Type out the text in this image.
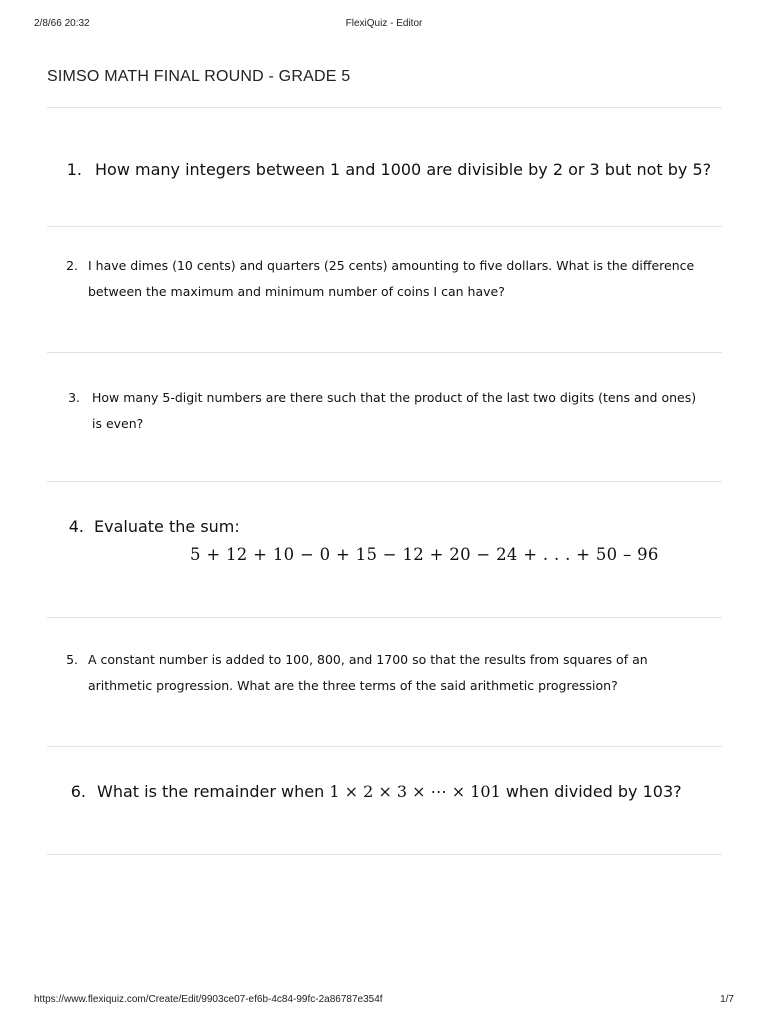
2/8/66 20:32	FlexiQuiz - Editor
SIMSO MATH FINAL ROUND - GRADE 5
1. How many integers between 1 and 1000 are divisible by 2 or 3 but not by 5?
2. I have dimes (10 cents) and quarters (25 cents) amounting to five dollars. What is the difference
between the maximum and minimum number of coins I can have?
3. How many 5-digit numbers are there such that the product of the last two digits (tens and ones)
is even?
4. Evaluate the sum:
5 + 12 + 10 − 0 + 15 − 12 + 20 − 24 + . . . + 50 – 96
5. A constant number is added to 100, 800, and 1700 so that the results from squares of an
arithmetic progression. What are the three terms of the said arithmetic progression?
6. What is the remainder when 1 × 2 × 3 × ⋯ × 101 when divided by 103?
https://www.flexiquiz.com/Create/Edit/9903ce07-ef6b-4c84-99fc-2a86787e354f	1/7
